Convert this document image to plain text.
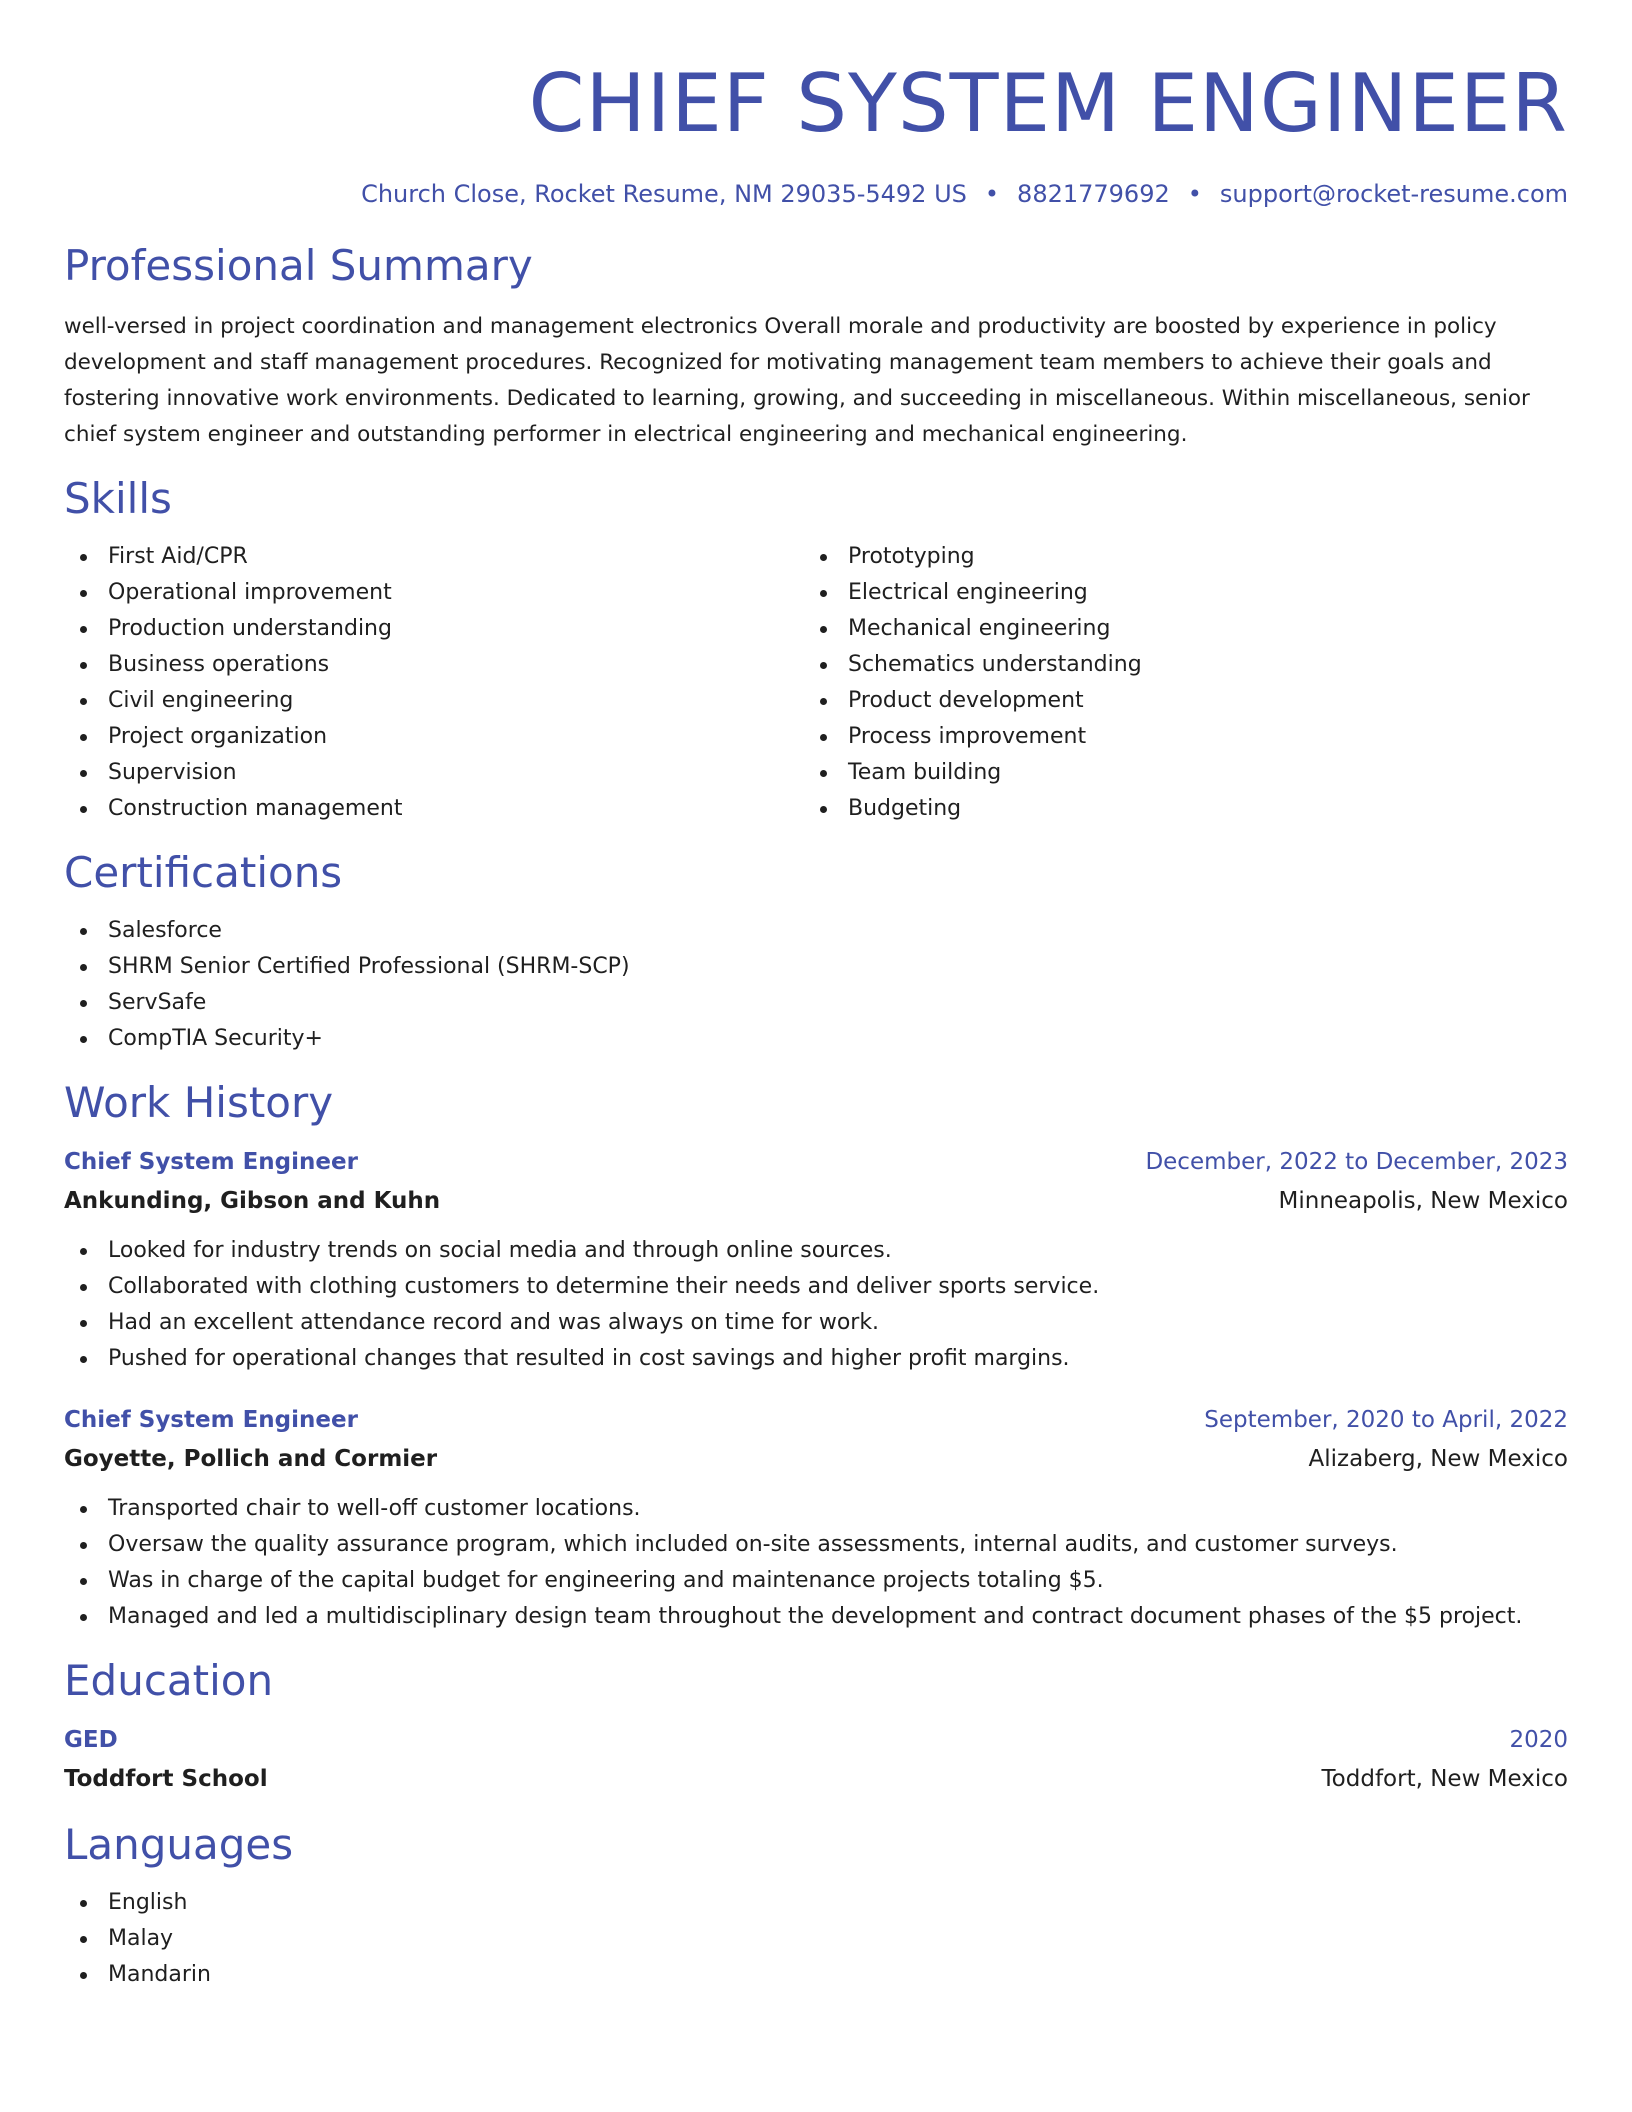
CHIEF SYSTEM ENGINEER
Church Close, Rocket Resume, NM 29035-5492 US • 8821779692 • support@rocket-resume.com
Professional Summary
well-versed in project coordination and management electronics Overall morale and productivity are boosted by experience in policy development and staff management procedures. Recognized for motivating management team members to achieve their goals and fostering innovative work environments. Dedicated to learning, growing, and succeeding in miscellaneous. Within miscellaneous, senior chief system engineer and outstanding performer in electrical engineering and mechanical engineering.
Skills
First Aid/CPR
Operational improvement
Production understanding
Business operations
Civil engineering
Project organization
Supervision
Construction management
Prototyping
Electrical engineering
Mechanical engineering
Schematics understanding
Product development
Process improvement
Team building
Budgeting
Certifications
Salesforce
SHRM Senior Certified Professional (SHRM-SCP)
ServSafe
CompTIA Security+
Work History
Chief System Engineer	December, 2022 to December, 2023
Ankunding, Gibson and Kuhn	Minneapolis, New Mexico
Looked for industry trends on social media and through online sources.
Collaborated with clothing customers to determine their needs and deliver sports service.
Had an excellent attendance record and was always on time for work.
Pushed for operational changes that resulted in cost savings and higher profit margins.
Chief System Engineer	September, 2020 to April, 2022
Goyette, Pollich and Cormier	Alizaberg, New Mexico
Transported chair to well-off customer locations.
Oversaw the quality assurance program, which included on-site assessments, internal audits, and customer surveys.
Was in charge of the capital budget for engineering and maintenance projects totaling $5.
Managed and led a multidisciplinary design team throughout the development and contract document phases of the $5 project.
Education
GED	2020
Toddfort School	Toddfort, New Mexico
Languages
English
Malay
Mandarin
